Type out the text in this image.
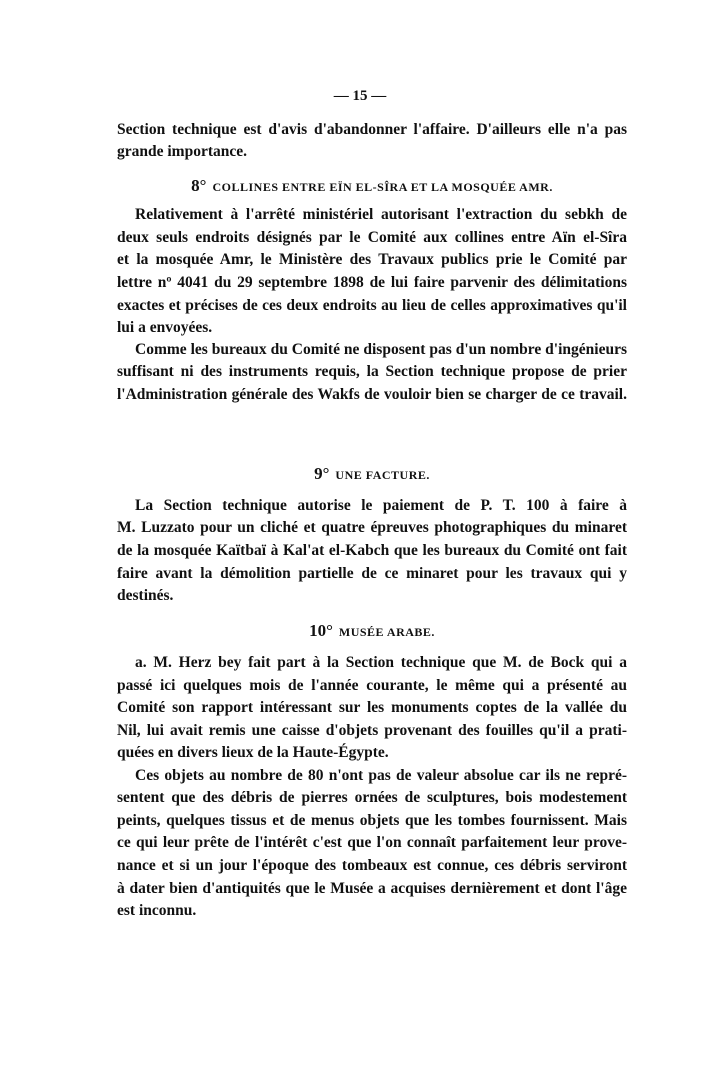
— 15 —
Section technique est d'avis d'abandonner l'affaire. D'ailleurs elle n'a pas
grande importance.
8° COLLINES ENTRE EÏN EL-SÎRA ET LA MOSQUÉE AMR.
Relativement à l'arrêté ministériel autorisant l'extraction du sebkh de
deux seuls endroits désignés par le Comité aux collines entre Aïn el-Sîra
et la mosquée Amr, le Ministère des Travaux publics prie le Comité par
lettre nº 4041 du 29 septembre 1898 de lui faire parvenir des délimitations
exactes et précises de ces deux endroits au lieu de celles approximatives qu'il
lui a envoyées.
Comme les bureaux du Comité ne disposent pas d'un nombre d'ingénieurs
suffisant ni des instruments requis, la Section technique propose de prier
l'Administration générale des Wakfs de vouloir bien se charger de ce travail.
9° UNE FACTURE.
La Section technique autorise le paiement de P. T. 100 à faire à
M. Luzzato pour un cliché et quatre épreuves photographiques du minaret
de la mosquée Kaïtbaï à Kal'at el-Kabch que les bureaux du Comité ont fait
faire avant la démolition partielle de ce minaret pour les travaux qui y
destinés.
10° MUSÉE ARABE.
a. M. Herz bey fait part à la Section technique que M. de Bock qui a
passé ici quelques mois de l'année courante, le même qui a présenté au
Comité son rapport intéressant sur les monuments coptes de la vallée du
Nil, lui avait remis une caisse d'objets provenant des fouilles qu'il a prati-
quées en divers lieux de la Haute-Égypte.
Ces objets au nombre de 80 n'ont pas de valeur absolue car ils ne repré-
sentent que des débris de pierres ornées de sculptures, bois modestement
peints, quelques tissus et de menus objets que les tombes fournissent. Mais
ce qui leur prête de l'intérêt c'est que l'on connaît parfaitement leur prove-
nance et si un jour l'époque des tombeaux est connue, ces débris serviront
à dater bien d'antiquités que le Musée a acquises dernièrement et dont l'âge
est inconnu.
